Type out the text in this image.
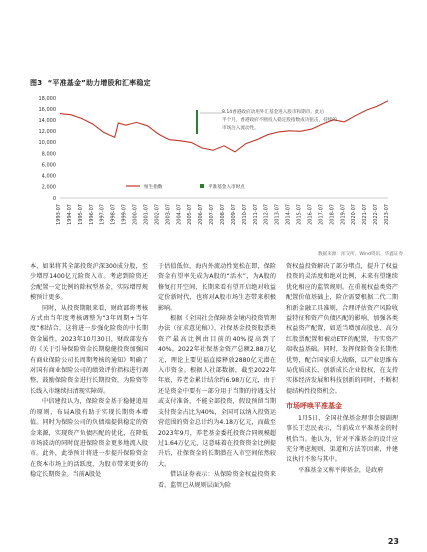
图3 “平准基金”助力增股和汇率稳定
0
2,000
4,000
6,000
8,000
10,000
12,000
14,000
16,000
18,000
1993-07 1994-07 1995-07 1996-07 1997-07 1998-07 1999-07 2000-07 2001-07 2002-07 2003-07 2004-07 2005-07 2006-07 2007-07 2008-07 2009-07 2010-07 2011-07 2012-07 2013-07 2014-07 2015-07 2016-07 2017-07 2018-07 2019-07 2020-07 2021-07 2022-07 2023-07
8.14香港政府动用外汇基金进入股市和期市。此后
半个月，香港政府不断投入稳定股指数成功狙击，持续的
市场注入流动性。
恒生指数	平准基金入市时点
数据来源：浑交所、Wind资讯、华鑫证券

本，如果将其全部投资沪深300成分股，至少增厚1400亿元险资入市。考虑到险资还会配置一定比例的除权型基金，实际增厚规模预计更多。

同时，从投资期限来看，财政部将考核方式由当年度考核调整为“3年周期+当年度”相结合，这将进一步强化险资的中长期资金属性。2023年10月30日，财政部发布的《关于引导保险资金长期稳健投资加强国有商业保险公司长周期考核的通知》明确了对国有商业保险公司的绩效评价指标进行调整，鼓励保险资金进行长期投资，为险资等长线入市继续扫清现实障碍。

中信建投认为，保险资金基于稳健追用的原则，布局A股有助于实现长期资本增值。同时为保险公司的负债端提供稳定的资金来源，实现资产负债匹配的优化，在降低市场波动的同时促进保险资金更多地流入股市。此外，此举预计将进一步提升保险资金在资本市场上的活跃度，为股市带来更多的稳定长期资金。当前A股处

于估值低位，海内外流动性宽松在即，保险资金有望率先成为A股的“活水”，为A股的修复打开空间，长期来看有望开启绝对收益定价新时代，也将对A股市场生态带来积极影响。

根据《全国社会保障基金境内投资管理办法（征求意见稿）》，社保基金投资股票类资产最高比例由目前的40%提高到了40%。2022年社保基金资产总额2.88万亿元，理论上要见福直接释放2880亿元潜在入市资金。根据人社部数据，截至2022年年底，养老金累计结余约6.98万亿元，由于还是资金中要有一部分用于当期的待遇支付或支付准备，不能全部投资，假设预留当期支付资金占比为40%，全国可以纳入投资运营范围的资金总计约为4.18万亿元，而截至2023年9月，养老基金委托投资合同规模超过1.64万亿元，这意味着在投资资金比例提升后，社保资金的长期潜在入市空间依然较大。

借话证券表示：从保险资金权益投资来看，监管已从规则层面为险

资权益投资解决了部分堵点，提升了权益投资的灵活度和绝对比例，未来有望继续优化相应的监管规则。在重视权益类资产配置价值基础上，险企需要根据二代二期和新金融工具准则，合理评估资产风险收益特征和资产负债匹配的影响，加强各类权益资产配置，如适当增加高股息、高分红股票配置和被动ETF的配置，夯实资产端收益基础。同时，发挥保险资金长期性优势，配合国家重大战略，以产业思维布局优质成长、创新成长企业股权，在支持实体经济发展和科技创新的同时，不断积提结构性投资机会。

市场呼唤平准基金

1月5日，全国社保基金理事会原副理事长王忠民表示，当前成立平准基金的时机恰当。他认为，针对平准基金的设计应充分考虑规则、渠道和方法等因素，并建议执行不参与其中。

平准基金又称平抑基金，是政府

23
